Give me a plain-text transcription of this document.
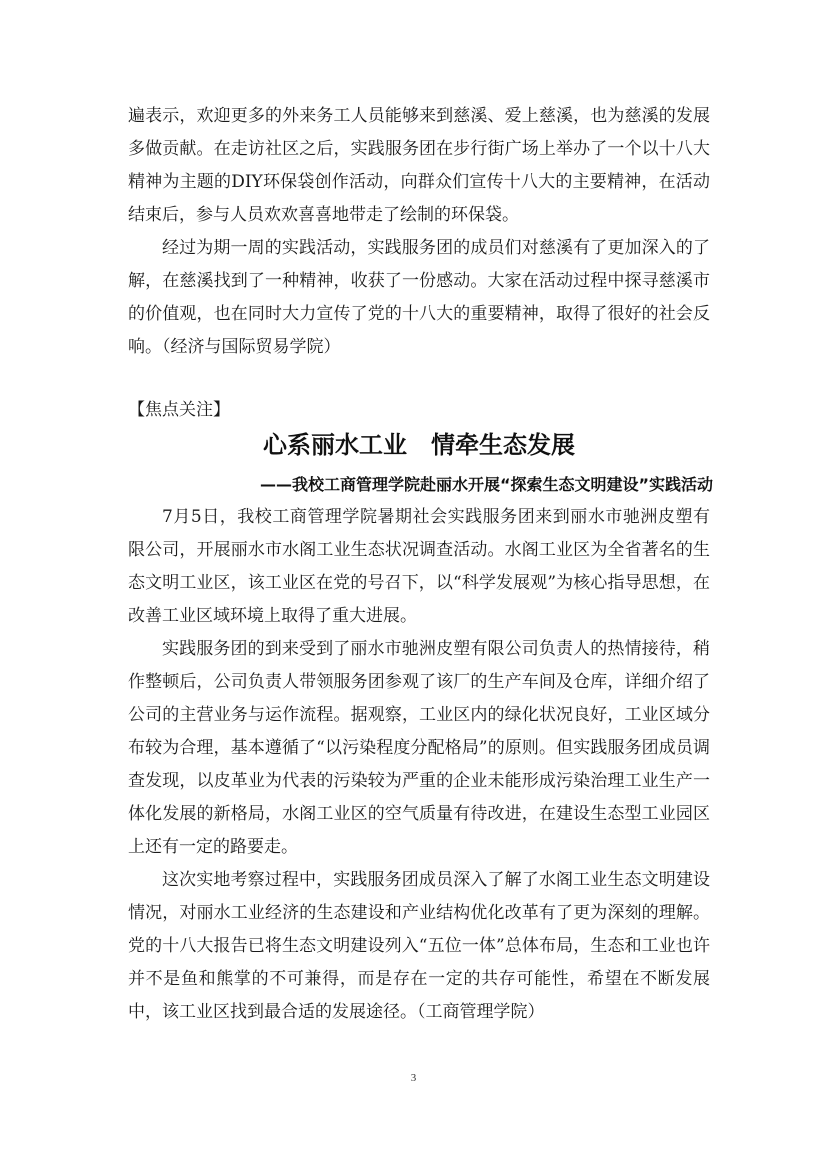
遍表示，欢迎更多的外来务工人员能够来到慈溪、爱上慈溪，也为慈溪的发展多做贡献。在走访社区之后，实践服务团在步行街广场上举办了一个以十八大精神为主题的DIY环保袋创作活动，向群众们宣传十八大的主要精神，在活动结束后，参与人员欢欢喜喜地带走了绘制的环保袋。

经过为期一周的实践活动，实践服务团的成员们对慈溪有了更加深入的了解，在慈溪找到了一种精神，收获了一份感动。大家在活动过程中探寻慈溪市的价值观，也在同时大力宣传了党的十八大的重要精神，取得了很好的社会反响。（经济与国际贸易学院）

【焦点关注】
心系丽水工业　情牵生态发展
——我校工商管理学院赴丽水开展“探索生态文明建设”实践活动

7月5日，我校工商管理学院暑期社会实践服务团来到丽水市驰洲皮塑有限公司，开展丽水市水阁工业生态状况调查活动。水阁工业区为全省著名的生态文明工业区，该工业区在党的号召下，以“科学发展观”为核心指导思想，在改善工业区域环境上取得了重大进展。

实践服务团的到来受到了丽水市驰洲皮塑有限公司负责人的热情接待，稍作整顿后，公司负责人带领服务团参观了该厂的生产车间及仓库，详细介绍了公司的主营业务与运作流程。据观察，工业区内的绿化状况良好，工业区域分布较为合理，基本遵循了“以污染程度分配格局”的原则。但实践服务团成员调查发现，以皮革业为代表的污染较为严重的企业未能形成污染治理工业生产一体化发展的新格局，水阁工业区的空气质量有待改进，在建设生态型工业园区上还有一定的路要走。

这次实地考察过程中，实践服务团成员深入了解了水阁工业生态文明建设情况，对丽水工业经济的生态建设和产业结构优化改革有了更为深刻的理解。党的十八大报告已将生态文明建设列入“五位一体”总体布局，生态和工业也许并不是鱼和熊掌的不可兼得，而是存在一定的共存可能性，希望在不断发展中，该工业区找到最合适的发展途径。（工商管理学院）

3
